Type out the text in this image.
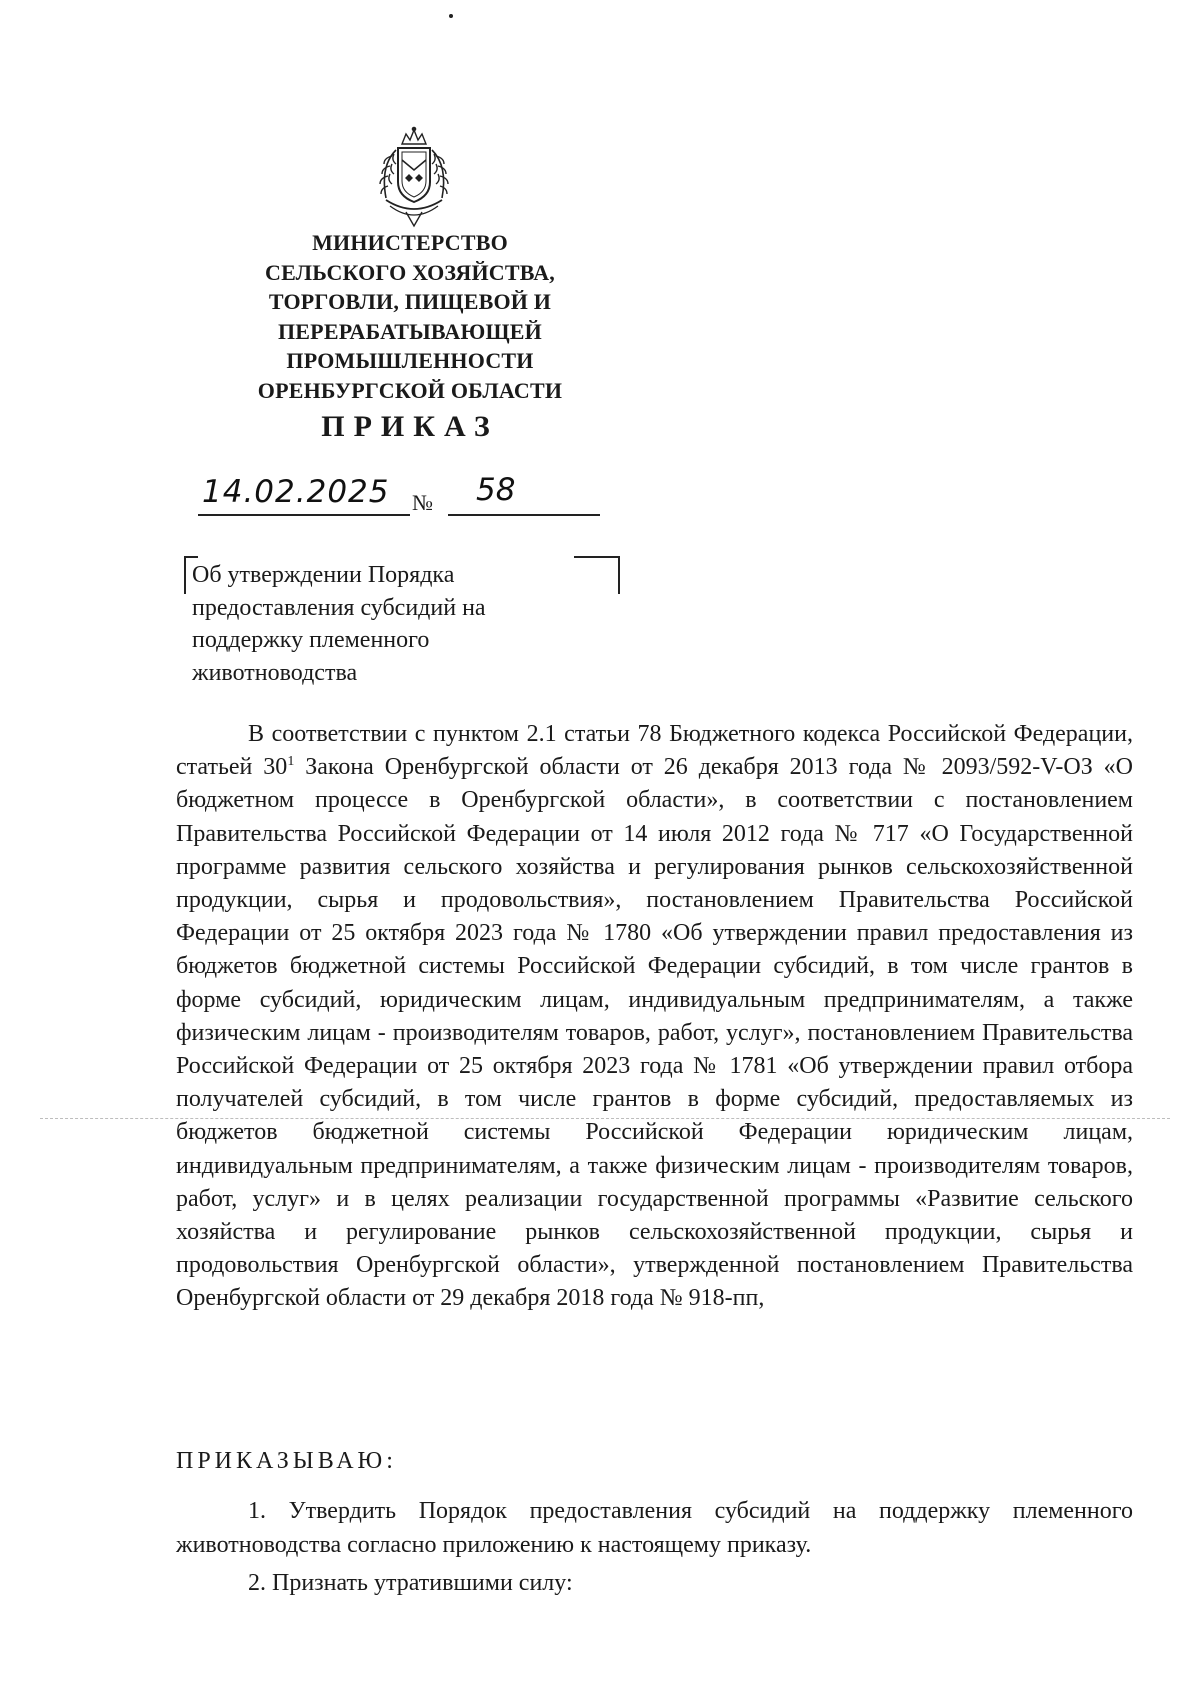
МИНИСТЕРСТВО
СЕЛЬСКОГО ХОЗЯЙСТВА,
ТОРГОВЛИ, ПИЩЕВОЙ И
ПЕРЕРАБАТЫВАЮЩЕЙ
ПРОМЫШЛЕННОСТИ
ОРЕНБУРГСКОЙ ОБЛАСТИ
ПРИКАЗ
14.02.2025 № 58
Об утверждении Порядка
предоставления субсидий на
поддержку племенного
животноводства

В соответствии с пунктом 2.1 статьи 78 Бюджетного кодекса Российской Федерации, статьей $30^1$ Закона Оренбургской области от 26 декабря 2013 года № 2093/592-V-ОЗ «О бюджетном процессе в Оренбургской области», в соответствии с постановлением Правительства Российской Федерации от 14 июля 2012 года № 717 «О Государственной программе развития сельского хозяйства и регулирования рынков сельскохозяйственной продукции, сырья и продовольствия», постановлением Правительства Российской Федерации от 25 октября 2023 года № 1780 «Об утверждении правил предоставления из бюджетов бюджетной системы Российской Федерации субсидий, в том числе грантов в форме субсидий, юридическим лицам, индивидуальным предпринимателям, а также физическим лицам - производителям товаров, работ, услуг», постановлением Правительства Российской Федерации от 25 октября 2023 года № 1781 «Об утверждении правил отбора получателей субсидий, в том числе грантов в форме субсидий, предоставляемых из бюджетов бюджетной системы Российской Федерации юридическим лицам, индивидуальным предпринимателям, а также физическим лицам - производителям товаров, работ, услуг» и в целях реализации государственной программы «Развитие сельского хозяйства и регулирование рынков сельскохозяйственной продукции, сырья и продовольствия Оренбургской области», утвержденной постановлением Правительства Оренбургской области от 29 декабря 2018 года № 918-пп,

ПРИКАЗЫВАЮ:

1. Утвердить Порядок предоставления субсидий на поддержку племенного животноводства согласно приложению к настоящему приказу.

2. Признать утратившими силу:
